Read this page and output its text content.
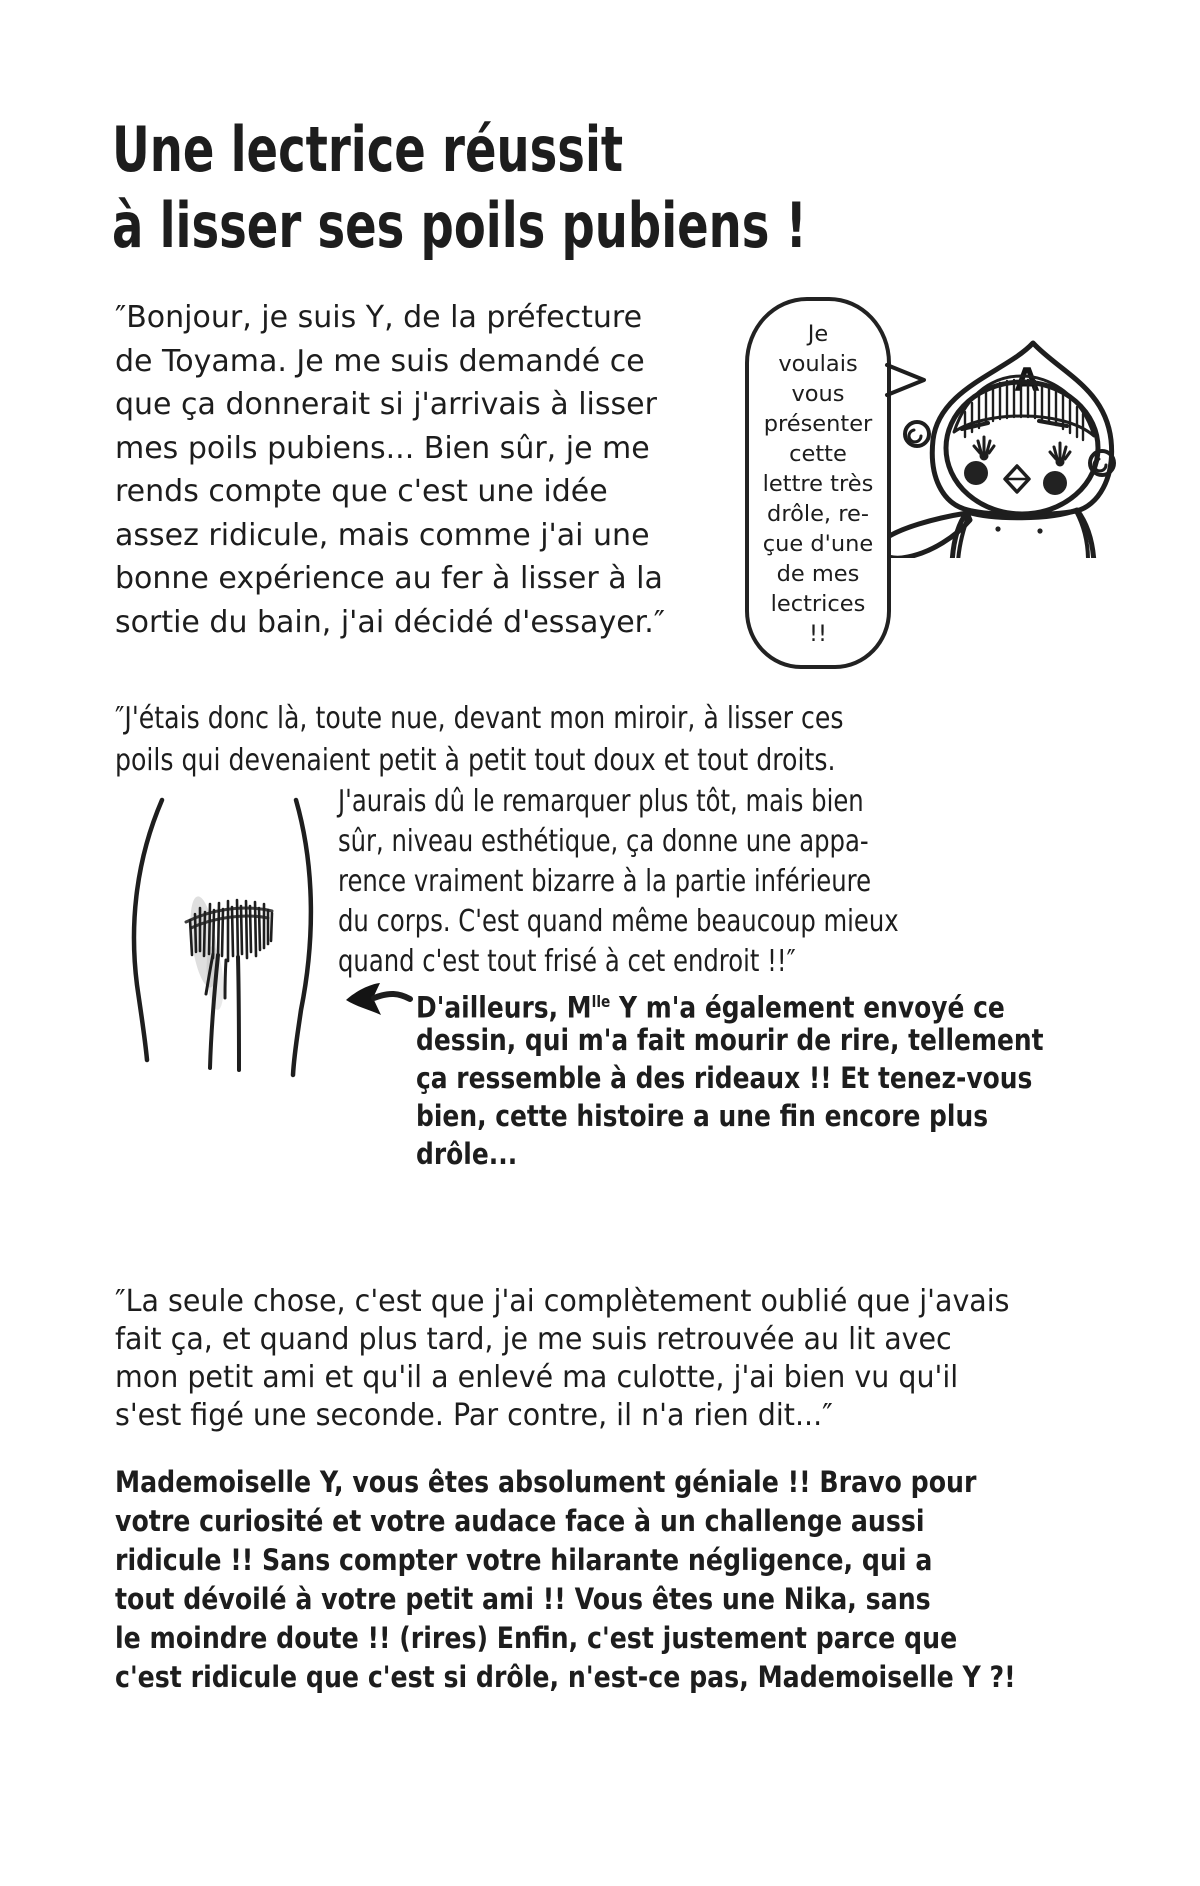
Une lectrice réussit
à lisser ses poils pubiens !
″Bonjour, je suis Y, de la préfecture
de Toyama. Je me suis demandé ce
que ça donnerait si j'arrivais à lisser
mes poils pubiens... Bien sûr, je me
rends compte que c'est une idée
assez ridicule, mais comme j'ai une
bonne expérience au fer à lisser à la
sortie du bain, j'ai décidé d'essayer.″
Je
voulais
vous
présenter
cette
lettre très
drôle, re-
çue d'une
de mes
lectrices
!!
A
″J'étais donc là, toute nue, devant mon miroir, à lisser ces
poils qui devenaient petit à petit tout doux et tout droits.
J'aurais dû le remarquer plus tôt, mais bien
sûr, niveau esthétique, ça donne une appa-
rence vraiment bizarre à la partie inférieure
du corps. C'est quand même beaucoup mieux
quand c'est tout frisé à cet endroit !!″
D'ailleurs, $M^{lle}$ Y m'a également envoyé ce
dessin, qui m'a fait mourir de rire, tellement
ça ressemble à des rideaux !! Et tenez-vous
bien, cette histoire a une fin encore plus
drôle...
″La seule chose, c'est que j'ai complètement oublié que j'avais
fait ça, et quand plus tard, je me suis retrouvée au lit avec
mon petit ami et qu'il a enlevé ma culotte, j'ai bien vu qu'il
s'est figé une seconde. Par contre, il n'a rien dit...″
Mademoiselle Y, vous êtes absolument géniale !! Bravo pour
votre curiosité et votre audace face à un challenge aussi
ridicule !! Sans compter votre hilarante négligence, qui a
tout dévoilé à votre petit ami !! Vous êtes une Nika, sans
le moindre doute !! (rires) Enfin, c'est justement parce que
c'est ridicule que c'est si drôle, n'est-ce pas, Mademoiselle Y ?!
